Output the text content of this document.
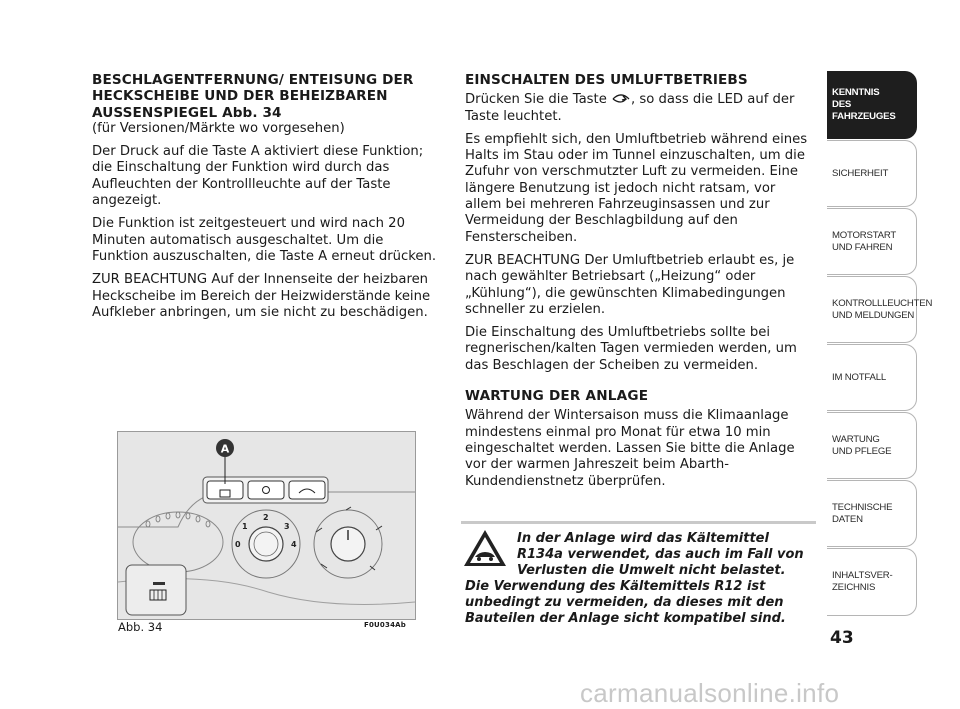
BESCHLAGENTFERNUNG/ ENTEISUNG DER HECKSCHEIBE UND DER BEHEIZBAREN AUSSENSPIEGEL Abb. 34

(für Versionen/Märkte wo vorgesehen)

Der Druck auf die Taste A aktiviert diese Funktion; die Einschaltung der Funktion wird durch das Aufleuchten der Kontrollleuchte auf der Taste angezeigt.

Die Funktion ist zeitgesteuert und wird nach 20 Minuten automatisch ausgeschaltet. Um die Funktion auszuschalten, die Taste A erneut drücken.

ZUR BEACHTUNG Auf der Innenseite der heizbaren Heckscheibe im Bereich der Heizwiderstände keine Aufkleber anbringen, um sie nicht zu beschädigen.

EINSCHALTEN DES UMLUFTBETRIEBS

Drücken Sie die Taste , so dass die LED auf der Taste leuchtet.

Es empfiehlt sich, den Umluftbetrieb während eines Halts im Stau oder im Tunnel einzuschalten, um die Zufuhr von verschmutzter Luft zu vermeiden. Eine längere Benutzung ist jedoch nicht ratsam, vor allem bei mehreren Fahrzeuginsassen und zur Vermeidung der Beschlagbildung auf den Fensterscheiben.

ZUR BEACHTUNG Der Umluftbetrieb erlaubt es, je nach gewählter Betriebsart („Heizung“ oder „Kühlung“), die gewünschten Klimabedingungen schneller zu erzielen.

Die Einschaltung des Umluftbetriebs sollte bei regnerischen/kalten Tagen vermieden werden, um das Beschlagen der Scheiben zu vermeiden.

WARTUNG DER ANLAGE

Während der Wintersaison muss die Klimaanlage mindestens einmal pro Monat für etwa 10 min eingeschaltet werden. Lassen Sie bitte die Anlage vor der warmen Jahreszeit beim Abarth-Kundendienstnetz überprüfen.

A
0
1
2
3
4
Abb. 34	F0U034Ab
In der Anlage wird das Kältemittel R134a verwendet, das auch im Fall von Verlusten die Umwelt nicht belastet.
Die Verwendung des Kältemittels R12 ist unbedingt zu vermeiden, da dieses mit den Bauteilen der Anlage sicht kompatibel sind.
KENNTNIS
DES FAHRZEUGES
SICHERHEIT
MOTORSTART
UND FAHREN
KONTROLLLEUCHTEN
UND MELDUNGEN
IM NOTFALL
WARTUNG
UND PFLEGE
TECHNISCHE
DATEN
INHALTSVER-
ZEICHNIS
43
carmanualsonline.info
